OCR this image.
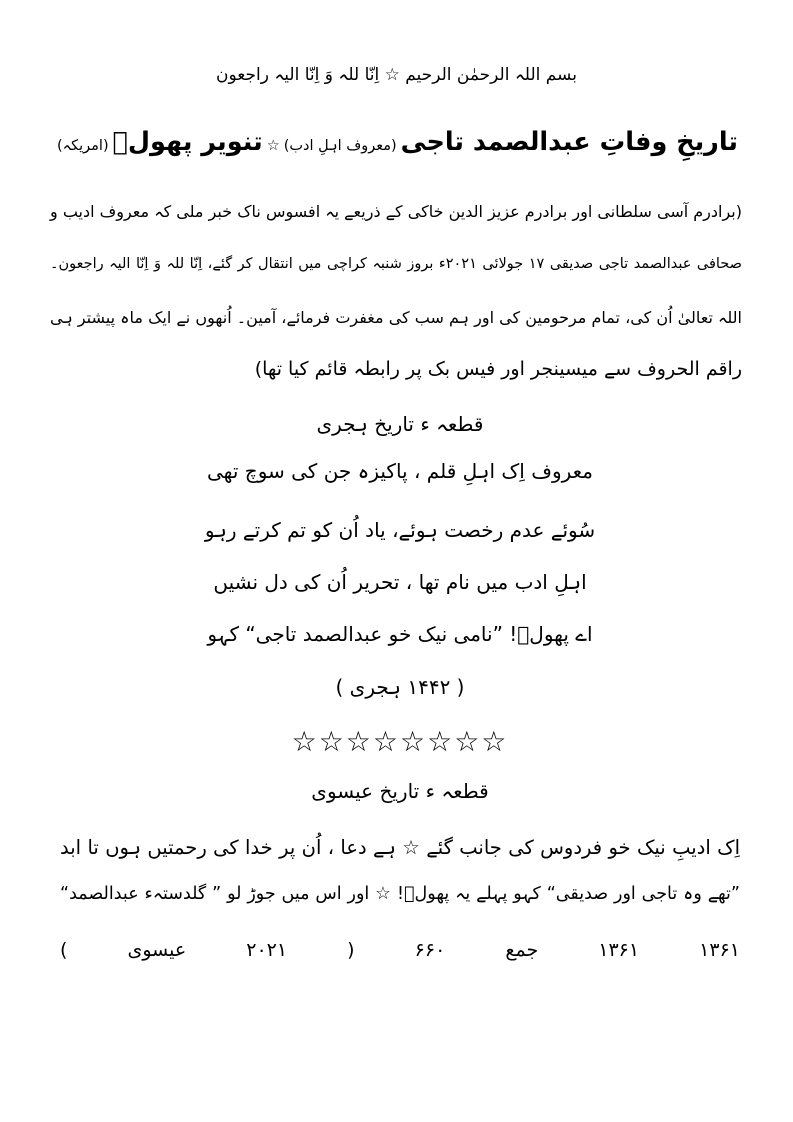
بسم اللہ الرحمٰن الرحیم ☆ اِنّا للہ وَ اِنّا الیہ راجعون
تاریخِ وفاتِ عبدالصمد تاجی (معروف اہلِ ادب) ☆ تنویر پھولؔ (امریکہ)
(برادرم آسی سلطانی اور برادرم عزیز الدین خاکی کے ذریعے یہ افسوس ناک خبر ملی کہ معروف ادیب و
صحافی عبدالصمد تاجی صدیقی ۱۷ جولائی ۲۰۲۱ء بروز شنبہ کراچی میں انتقال کر گئے، اِنّا للہ وَ اِنّا الیہ راجعون۔
اللہ تعالیٰ اُن کی، تمام مرحومین کی اور ہم سب کی مغفرت فرمائے، آمین۔ اُنھوں نے ایک ماہ پیشتر ہی
راقم الحروف سے میسینجر اور فیس بک پر رابطہ قائم کیا تھا)
قطعہ ء تاریخ ہجری
معروف اِک اہلِ قلم ، پاکیزہ جن کی سوچ تھی
سُوئے عدم رخصت ہوئے، یاد اُن کو تم کرتے رہو
اہلِ ادب میں نام تھا ، تحریر اُن کی دل نشیں
اے پھولؔ! ”نامی نیک خو عبدالصمد تاجی“ کہو
( ۱۴۴۲ ہجری )
☆☆☆☆☆☆☆☆
قطعہ ء تاریخ عیسوی
اِک ادیبِ نیک خو فردوس کی جانب گئے ☆ ہے دعا ، اُن پر خدا کی رحمتیں ہوں تا ابد
”تھے وہ تاجی اور صدیقی“ کہو پہلے یہ پھولؔ! ☆ اور اس میں جوڑ لو ” گلدستہء عبدالصمد“
۱۳۶۱ ۱۳۶۱ جمع ۶۶۰ ( ۲۰۲۱ عیسوی )
